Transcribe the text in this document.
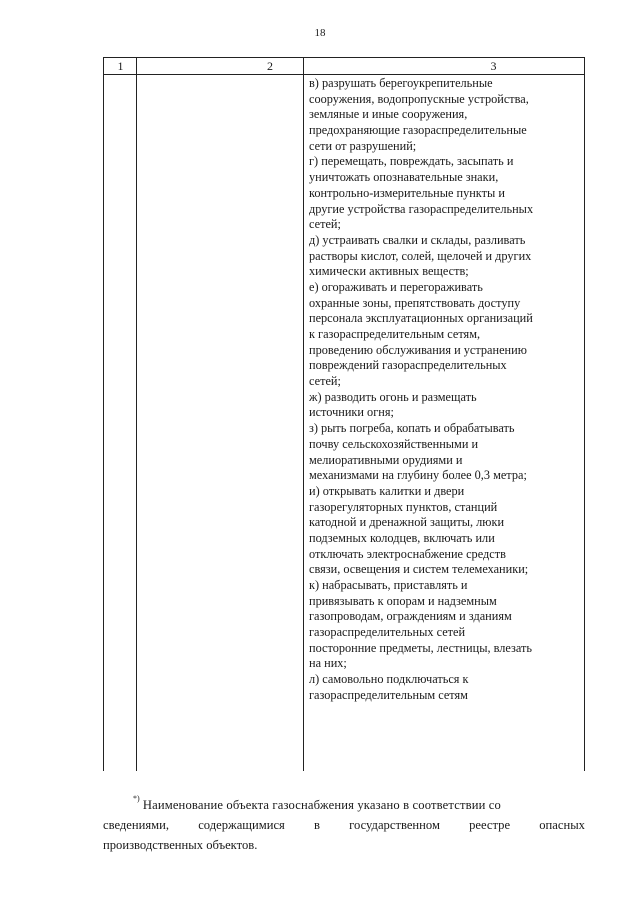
18
1	2	3
в) разрушать берегоукрепительные
сооружения, водопропускные устройства,
земляные и иные сооружения,
предохраняющие газораспределительные
сети от разрушений;
г) перемещать, повреждать, засыпать и
уничтожать опознавательные знаки,
контрольно-измерительные пункты и
другие устройства газораспределительных
сетей;
д) устраивать свалки и склады, разливать
растворы кислот, солей, щелочей и других
химически активных веществ;
е) огораживать и перегораживать
охранные зоны, препятствовать доступу
персонала эксплуатационных организаций
к газораспределительным сетям,
проведению обслуживания и устранению
повреждений газораспределительных
сетей;
ж) разводить огонь и размещать
источники огня;
з) рыть погреба, копать и обрабатывать
почву сельскохозяйственными и
мелиоративными орудиями и
механизмами на глубину более 0,3 метра;
и) открывать калитки и двери
газорегуляторных пунктов, станций
катодной и дренажной защиты, люки
подземных колодцев, включать или
отключать электроснабжение средств
связи, освещения и систем телемеханики;
к) набрасывать, приставлять и
привязывать к опорам и надземным
газопроводам, ограждениям и зданиям
газораспределительных сетей
посторонние предметы, лестницы, влезать
на них;
л) самовольно подключаться к
газораспределительным сетям
*) Наименование объекта газоснабжения указано в соответствии со
сведениями, содержащимися в государственном реестре опасных
производственных объектов.
